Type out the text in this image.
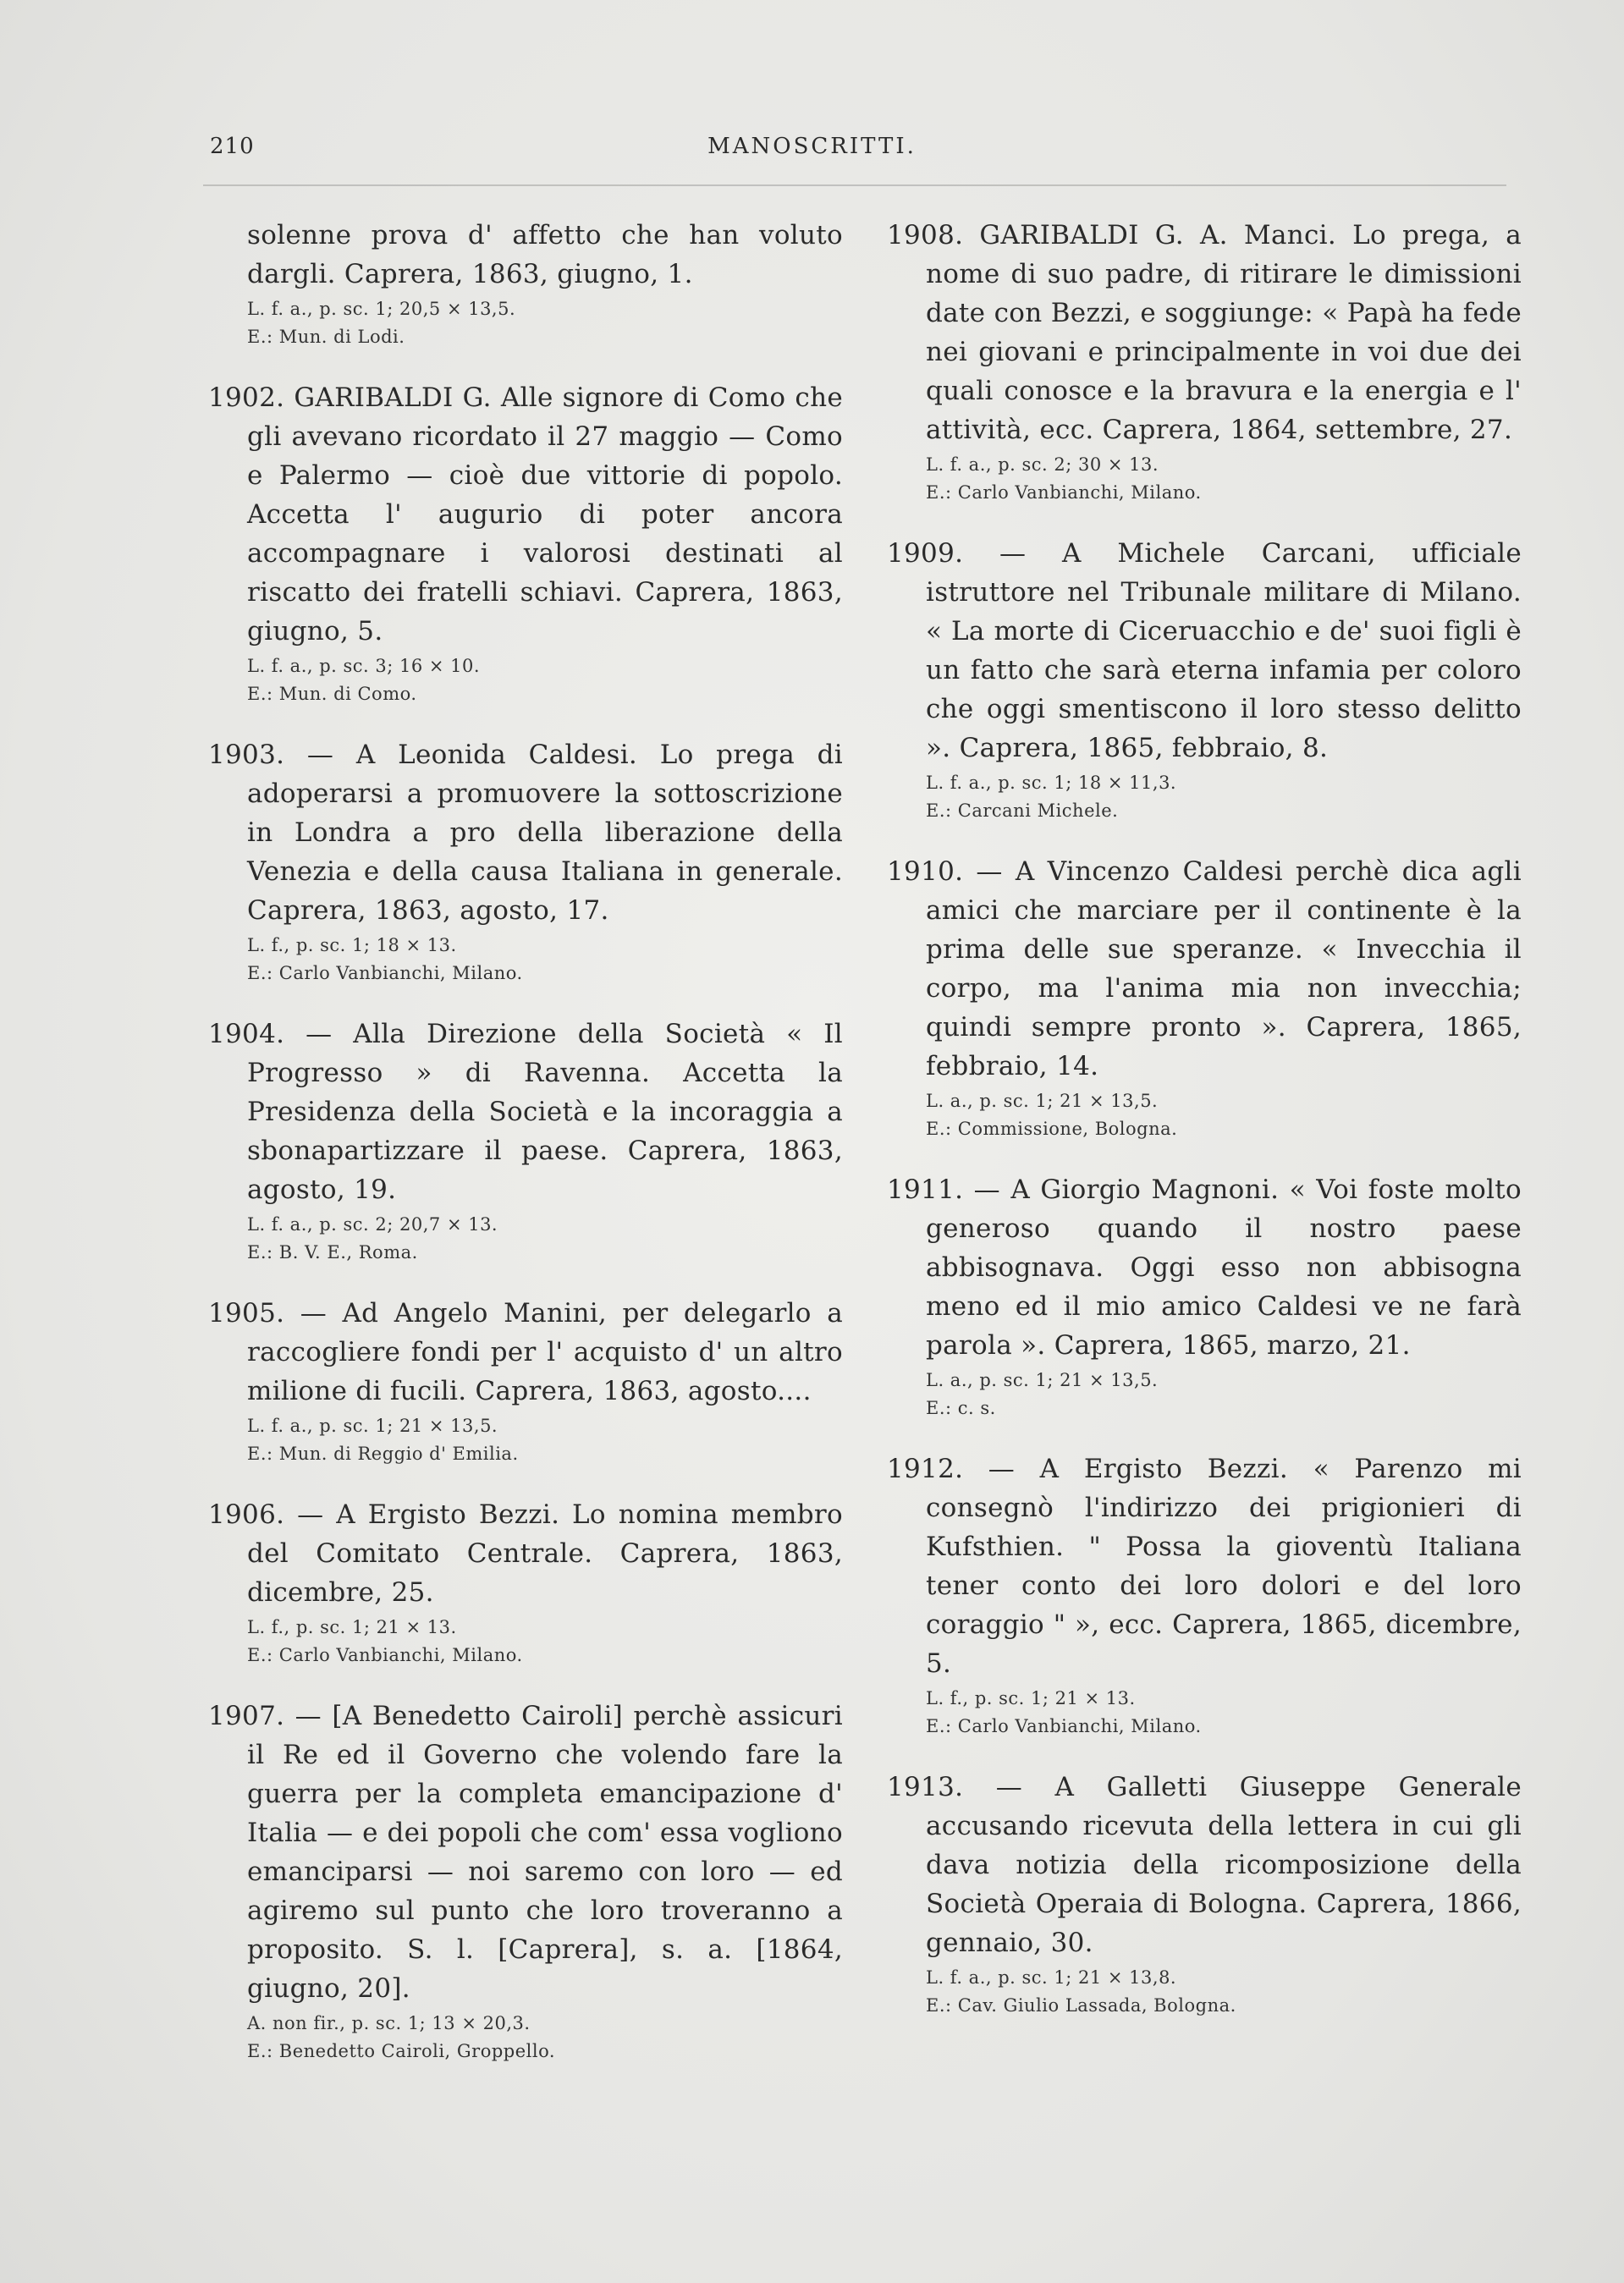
210	MANOSCRITTI.

solenne prova d' affetto che han voluto dargli. Caprera, 1863, giugno, 1.

L. f. a., p. sc. 1; 20,5 × 13,5.
E.: Mun. di Lodi.

1902. GARIBALDI G. Alle signore di Como che gli avevano ricordato il 27 maggio — Como e Palermo — cioè due vittorie di popolo. Accetta l' augurio di poter ancora accompagnare i valorosi destinati al riscatto dei fratelli schiavi. Caprera, 1863, giugno, 5.

L. f. a., p. sc. 3; 16 × 10.
E.: Mun. di Como.

1903. — A Leonida Caldesi. Lo prega di adoperarsi a promuovere la sottoscrizione in Londra a pro della liberazione della Venezia e della causa Italiana in generale. Caprera, 1863, agosto, 17.

L. f., p. sc. 1; 18 × 13.
E.: Carlo Vanbianchi, Milano.

1904. — Alla Direzione della Società « Il Progresso » di Ravenna. Accetta la Presidenza della Società e la incoraggia a sbonapartizzare il paese. Caprera, 1863, agosto, 19.

L. f. a., p. sc. 2; 20,7 × 13.
E.: B. V. E., Roma.

1905. — Ad Angelo Manini, per delegarlo a raccogliere fondi per l' acquisto d' un altro milione di fucili. Caprera, 1863, agosto....

L. f. a., p. sc. 1; 21 × 13,5.
E.: Mun. di Reggio d' Emilia.

1906. — A Ergisto Bezzi. Lo nomina membro del Comitato Centrale. Caprera, 1863, dicembre, 25.

L. f., p. sc. 1; 21 × 13.
E.: Carlo Vanbianchi, Milano.

1907. — [A Benedetto Cairoli] perchè assicuri il Re ed il Governo che volendo fare la guerra per la completa emancipazione d' Italia — e dei popoli che com' essa vogliono emanciparsi — noi saremo con loro — ed agiremo sul punto che loro troveranno a proposito. S. l. [Caprera], s. a. [1864, giugno, 20].

A. non fir., p. sc. 1; 13 × 20,3.
E.: Benedetto Cairoli, Groppello.

1908. GARIBALDI G. A. Manci. Lo prega, a nome di suo padre, di ritirare le dimissioni date con Bezzi, e soggiunge: « Papà ha fede nei giovani e principalmente in voi due dei quali conosce e la bravura e la energia e l' attività, ecc. Caprera, 1864, settembre, 27.

L. f. a., p. sc. 2; 30 × 13.
E.: Carlo Vanbianchi, Milano.

1909. — A Michele Carcani, ufficiale istruttore nel Tribunale militare di Milano. « La morte di Ciceruacchio e de' suoi figli è un fatto che sarà eterna infamia per coloro che oggi smentiscono il loro stesso delitto ». Caprera, 1865, febbraio, 8.

L. f. a., p. sc. 1; 18 × 11,3.
E.: Carcani Michele.

1910. — A Vincenzo Caldesi perchè dica agli amici che marciare per il continente è la prima delle sue speranze. « Invecchia il corpo, ma l'anima mia non invecchia; quindi sempre pronto ». Caprera, 1865, febbraio, 14.

L. a., p. sc. 1; 21 × 13,5.
E.: Commissione, Bologna.

1911. — A Giorgio Magnoni. « Voi foste molto generoso quando il nostro paese abbisognava. Oggi esso non abbisogna meno ed il mio amico Caldesi ve ne farà parola ». Caprera, 1865, marzo, 21.

L. a., p. sc. 1; 21 × 13,5.
E.: c. s.

1912. — A Ergisto Bezzi. « Parenzo mi consegnò l'indirizzo dei prigionieri di Kufsthien. " Possa la gioventù Italiana tener conto dei loro dolori e del loro coraggio " », ecc. Caprera, 1865, dicembre, 5.

L. f., p. sc. 1; 21 × 13.
E.: Carlo Vanbianchi, Milano.

1913. — A Galletti Giuseppe Generale accusando ricevuta della lettera in cui gli dava notizia della ricomposizione della Società Operaia di Bologna. Caprera, 1866, gennaio, 30.

L. f. a., p. sc. 1; 21 × 13,8.
E.: Cav. Giulio Lassada, Bologna.
